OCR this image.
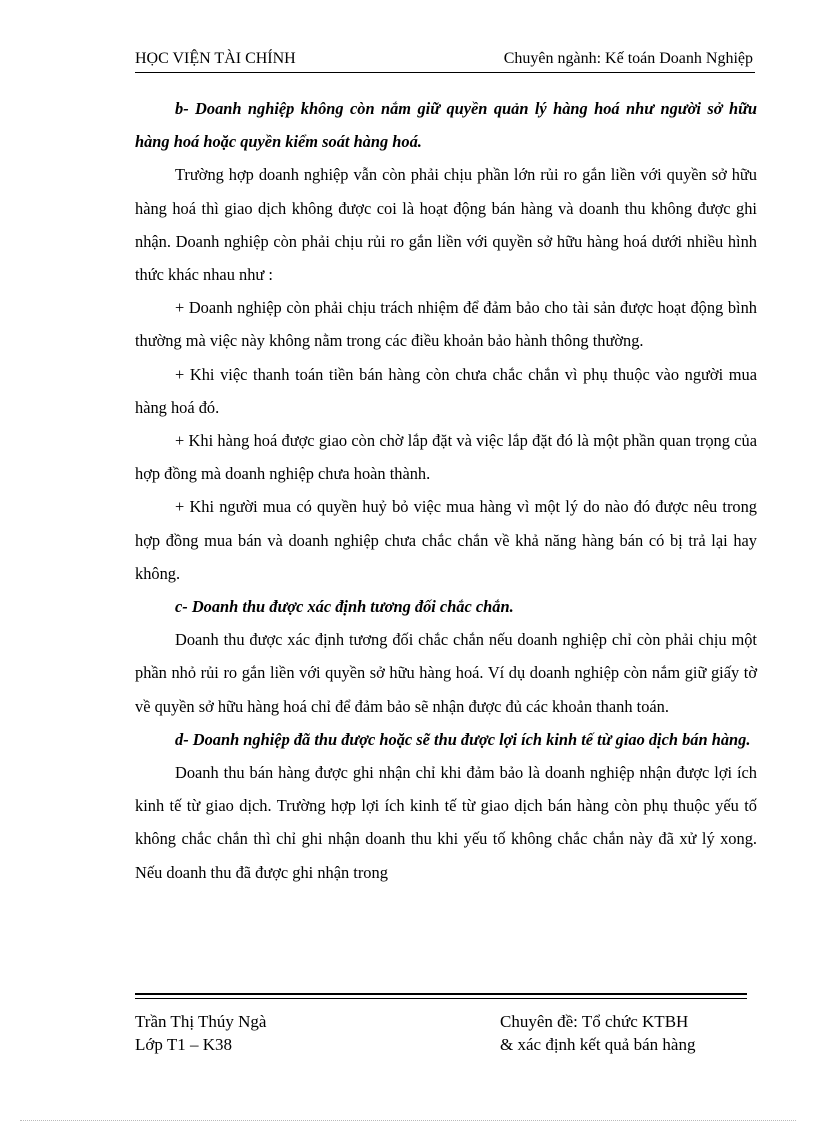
HỌC VIỆN TÀI CHÍNH	Chuyên ngành: Kế toán Doanh Nghiệp

b- Doanh nghiệp không còn nắm giữ quyền quản lý hàng hoá như người sở hữu hàng hoá hoặc quyền kiểm soát hàng hoá.

Trường hợp doanh nghiệp vẫn còn phải chịu phần lớn rủi ro gắn liền với quyền sở hữu hàng hoá thì giao dịch không được coi là hoạt động bán hàng và doanh thu không được ghi nhận. Doanh nghiệp còn phải chịu rủi ro gắn liền với quyền sở hữu hàng hoá dưới nhiều hình thức khác nhau như :

+ Doanh nghiệp còn phải chịu trách nhiệm để đảm bảo cho tài sản được hoạt động bình thường mà việc này không nằm trong các điều khoản bảo hành thông thường.

+ Khi việc thanh toán tiền bán hàng còn chưa chắc chắn vì phụ thuộc vào người mua hàng hoá đó.

+ Khi hàng hoá được giao còn chờ lắp đặt và việc lắp đặt đó là một phần quan trọng của hợp đồng mà doanh nghiệp chưa hoàn thành.

+ Khi người mua có quyền huỷ bỏ việc mua hàng vì một lý do nào đó được nêu trong hợp đồng mua bán và doanh nghiệp chưa chắc chắn về khả năng hàng bán có bị trả lại hay không.

c- Doanh thu được xác định tương đối chắc chắn.

Doanh thu được xác định tương đối chắc chắn nếu doanh nghiệp chỉ còn phải chịu một phần nhỏ rủi ro gắn liền với quyền sở hữu hàng hoá. Ví dụ doanh nghiệp còn nắm giữ giấy tờ về quyền sở hữu hàng hoá chỉ để đảm bảo sẽ nhận được đủ các khoản thanh toán.

d- Doanh nghiệp đã thu được hoặc sẽ thu được lợi ích kinh tế từ giao dịch bán hàng.

Doanh thu bán hàng được ghi nhận chỉ khi đảm bảo là doanh nghiệp nhận được lợi ích kinh tế từ giao dịch. Trường hợp lợi ích kinh tế từ giao dịch bán hàng còn phụ thuộc yếu tố không chắc chắn thì chỉ ghi nhận doanh thu khi yếu tố không chắc chắn này đã xử lý xong. Nếu doanh thu đã được ghi nhận trong

Trần Thị Thúy Ngà
Lớp T1 – K38
Chuyên đề: Tổ chức KTBH
& xác định kết quả bán hàng
